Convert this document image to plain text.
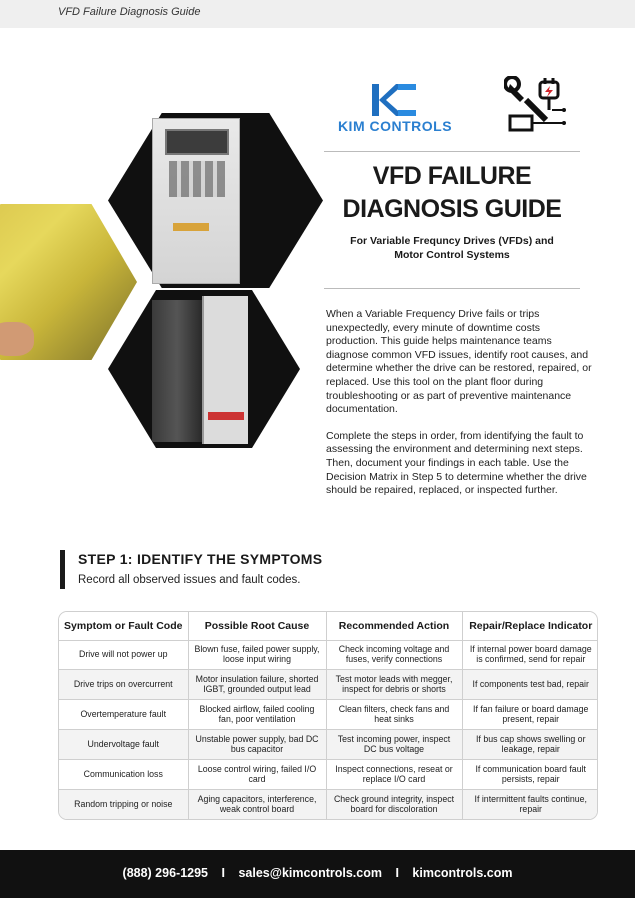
VFD Failure Diagnosis Guide
KIM CONTROLS
VFD FAILURE
DIAGNOSIS GUIDE
For Variable Frequncy Drives (VFDs) and
Motor Control Systems

When a Variable Frequency Drive fails or trips unexpectedly, every minute of downtime costs production. This guide helps maintenance teams diagnose common VFD issues, identify root causes, and determine whether the drive can be restored, repaired, or replaced. Use this tool on the plant floor during troubleshooting or as part of preventive maintenance documentation.

Complete the steps in order, from identifying the fault to assessing the environment and determining next steps. Then, document your findings in each table. Use the Decision Matrix in Step 5 to determine whether the drive should be repaired, replaced, or inspected further.

STEP 1: IDENTIFY THE SYMPTOMS
Record all observed issues and fault codes.
Symptom or Fault Code	Possible Root Cause	Recommended Action	Repair/Replace Indicator
Drive will not power up	Blown fuse, failed power supply, loose input wiring	Check incoming voltage and fuses, verify connections	If internal power board damage is confirmed, send for repair
Drive trips on overcurrent	Motor insulation failure, shorted IGBT, grounded output lead	Test motor leads with megger, inspect for debris or shorts	If components test bad, repair
Overtemperature fault	Blocked airflow, failed cooling fan, poor ventilation	Clean filters, check fans and heat sinks	If fan failure or board damage present, repair
Undervoltage fault	Unstable power supply, bad DC bus capacitor	Test incoming power, inspect DC bus voltage	If bus cap shows swelling or leakage, repair
Communication loss	Loose control wiring, failed I/O card	Inspect connections, reseat or replace I/O card	If communication board fault persists, repair
Random tripping or noise	Aging capacitors, interference, weak control board	Check ground integrity, inspect board for discoloration	If intermittent faults continue, repair
(888) 296-1295 I sales@kimcontrols.com I kimcontrols.com
